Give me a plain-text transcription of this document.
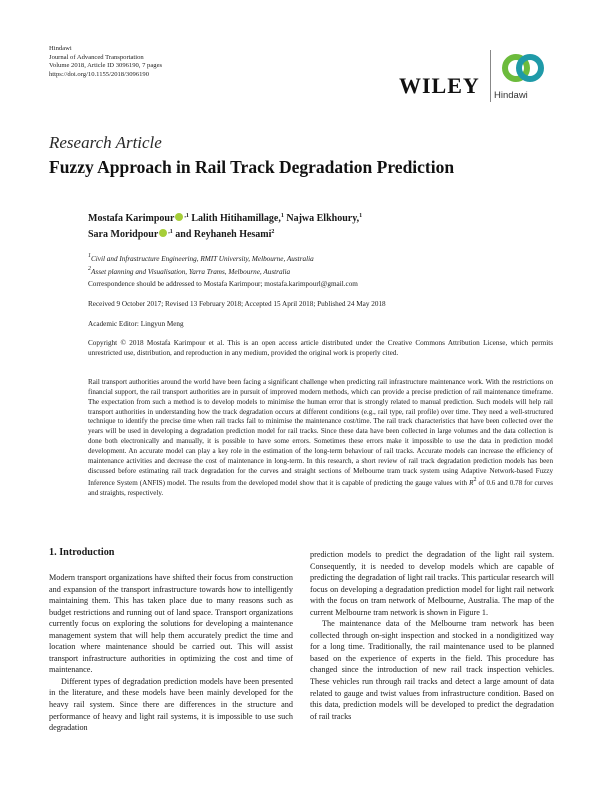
Hindawi
Journal of Advanced Transportation
Volume 2018, Article ID 3096190, 7 pages
https://doi.org/10.1155/2018/3096190	WILEY Hindawi
Research Article
Fuzzy Approach in Rail Track Degradation Prediction
Mostafa Karimpour $^{,1}$ Lalith Hitihamillage,$^1$ Najwa Elkhoury,$^1$
Sara Moridpour $^{,1}$ and Reyhaneh Hesami$^2$
$^1$Civil and Infrastructure Engineering, RMIT University, Melbourne, Australia
$^2$Asset planning and Visualisation, Yarra Trams, Melbourne, Australia
Correspondence should be addressed to Mostafa Karimpour; mostafa.karimpourl@gmail.com
Received 9 October 2017; Revised 13 February 2018; Accepted 15 April 2018; Published 24 May 2018
Academic Editor: Lingyun Meng
Copyright © 2018 Mostafa Karimpour et al. This is an open access article distributed under the Creative Commons Attribution License, which permits unrestricted use, distribution, and reproduction in any medium, provided the original work is properly cited.
Rail transport authorities around the world have been facing a significant challenge when predicting rail infrastructure maintenance work. With the restrictions on financial support, the rail transport authorities are in pursuit of improved modern methods, which can provide a precise prediction of rail maintenance timeframe. The expectation from such a method is to develop models to minimise the human error that is strongly related to manual prediction. Such models will help rail transport authorities in understanding how the track degradation occurs at different conditions (e.g., rail type, rail profile) over time. They need a well-structured technique to identify the precise time when rail tracks fail to minimise the maintenance cost/time. The rail track characteristics that have been collected over the years will be used in developing a degradation prediction model for rail tracks. Since these data have been collected in large volumes and the data collection is done both electronically and manually, it is possible to have some errors. Sometimes these errors make it impossible to use the data in prediction model development. An accurate model can play a key role in the estimation of the long-term behaviour of rail tracks. Accurate models can increase the efficiency of maintenance activities and decrease the cost of maintenance in long-term. In this research, a short review of rail track degradation prediction models has been discussed before estimating rail track degradation for the curves and straight sections of Melbourne tram track system using Adaptive Network-based Fuzzy Inference System (ANFIS) model. The results from the developed model show that it is capable of predicting the gauge values with $R^2$ of 0.6 and 0.78 for curves and straights, respectively.
1. Introduction

Modern transport organizations have shifted their focus from construction and expansion of the transport infrastructure towards how to intelligently maintaining them. This has taken place due to many reasons such as budget restrictions and running out of land space. Transport organizations currently focus on exploring the solutions for developing a maintenance management system that will help them accurately predict the time and location where maintenance should be carried out. This will assist transport infrastructure authorities in optimizing the cost and time of maintenance.

Different types of degradation prediction models have been presented in the literature, and these models have been mainly developed for the heavy rail system. Since there are differences in the structure and performance of heavy and light rail systems, it is impossible to use such degradation

prediction models to predict the degradation of the light rail system. Consequently, it is needed to develop models which are capable of predicting the degradation of light rail tracks. This particular research will focus on developing a degradation prediction model for light rail network with the focus on tram network of Melbourne, Australia. The map of the current Melbourne tram network is shown in Figure 1.

The maintenance data of the Melbourne tram network has been collected through on-sight inspection and stocked in a nondigitized way for a long time. Traditionally, the rail maintenance used to be planned based on the experience of experts in the field. This procedure has changed since the introduction of new rail track inspection vehicles. These vehicles run through rail tracks and detect a large amount of data related to gauge and twist values from infrastructure condition. Based on this data, prediction models will be developed to predict the degradation of rail tracks
